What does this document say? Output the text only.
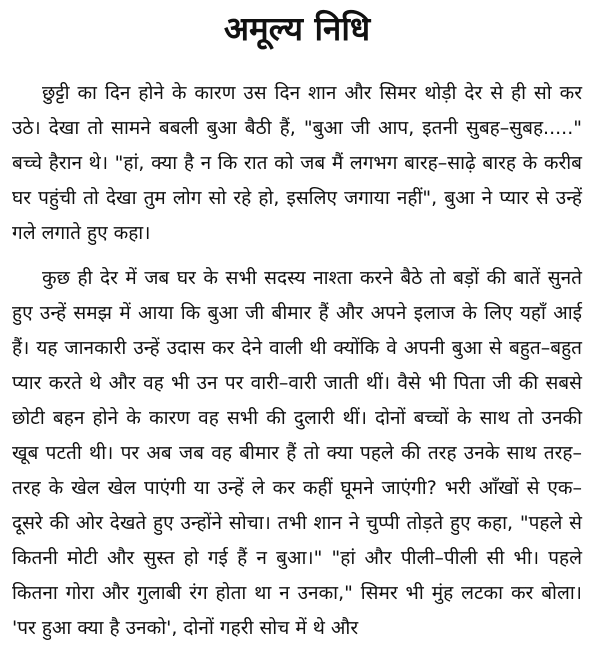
अमूल्य निधि

छुट्टी का दिन होने के कारण उस दिन शान और सिमर थोड़ी देर से ही सो कर उठे। देखा तो सामने बबली बुआ बैठी हैं, "बुआ जी आप, इतनी सुबह–सुबह....." बच्चे हैरान थे। "हां, क्या है न कि रात को जब मैं लगभग बारह–साढ़े बारह के करीब घर पहुंची तो देखा तुम लोग सो रहे हो, इसलिए जगाया नहीं", बुआ ने प्यार से उन्हें गले लगाते हुए कहा।

कुछ ही देर में जब घर के सभी सदस्य नाश्ता करने बैठे तो बड़ों की बातें सुनते हुए उन्हें समझ में आया कि बुआ जी बीमार हैं और अपने इलाज के लिए यहाँ आई हैं। यह जानकारी उन्हें उदास कर देने वाली थी क्योंकि वे अपनी बुआ से बहुत–बहुत प्यार करते थे और वह भी उन पर वारी–वारी जाती थीं। वैसे भी पिता जी की सबसे छोटी बहन होने के कारण वह सभी की दुलारी थीं। दोनों बच्चों के साथ तो उनकी खूब पटती थी। पर अब जब वह बीमार हैं तो क्या पहले की तरह उनके साथ तरह–तरह के खेल खेल पाएंगी या उन्हें ले कर कहीं घूमने जाएंगी? भरी आँखों से एक–दूसरे की ओर देखते हुए उन्होंने सोचा। तभी शान ने चुप्पी तोड़ते हुए कहा, "पहले से कितनी मोटी और सुस्त हो गई हैं न बुआ।" "हां और पीली–पीली सी भी। पहले कितना गोरा और गुलाबी रंग होता था न उनका," सिमर भी मुंह लटका कर बोला। 'पर हुआ क्या है उनको', दोनों गहरी सोच में थे और
